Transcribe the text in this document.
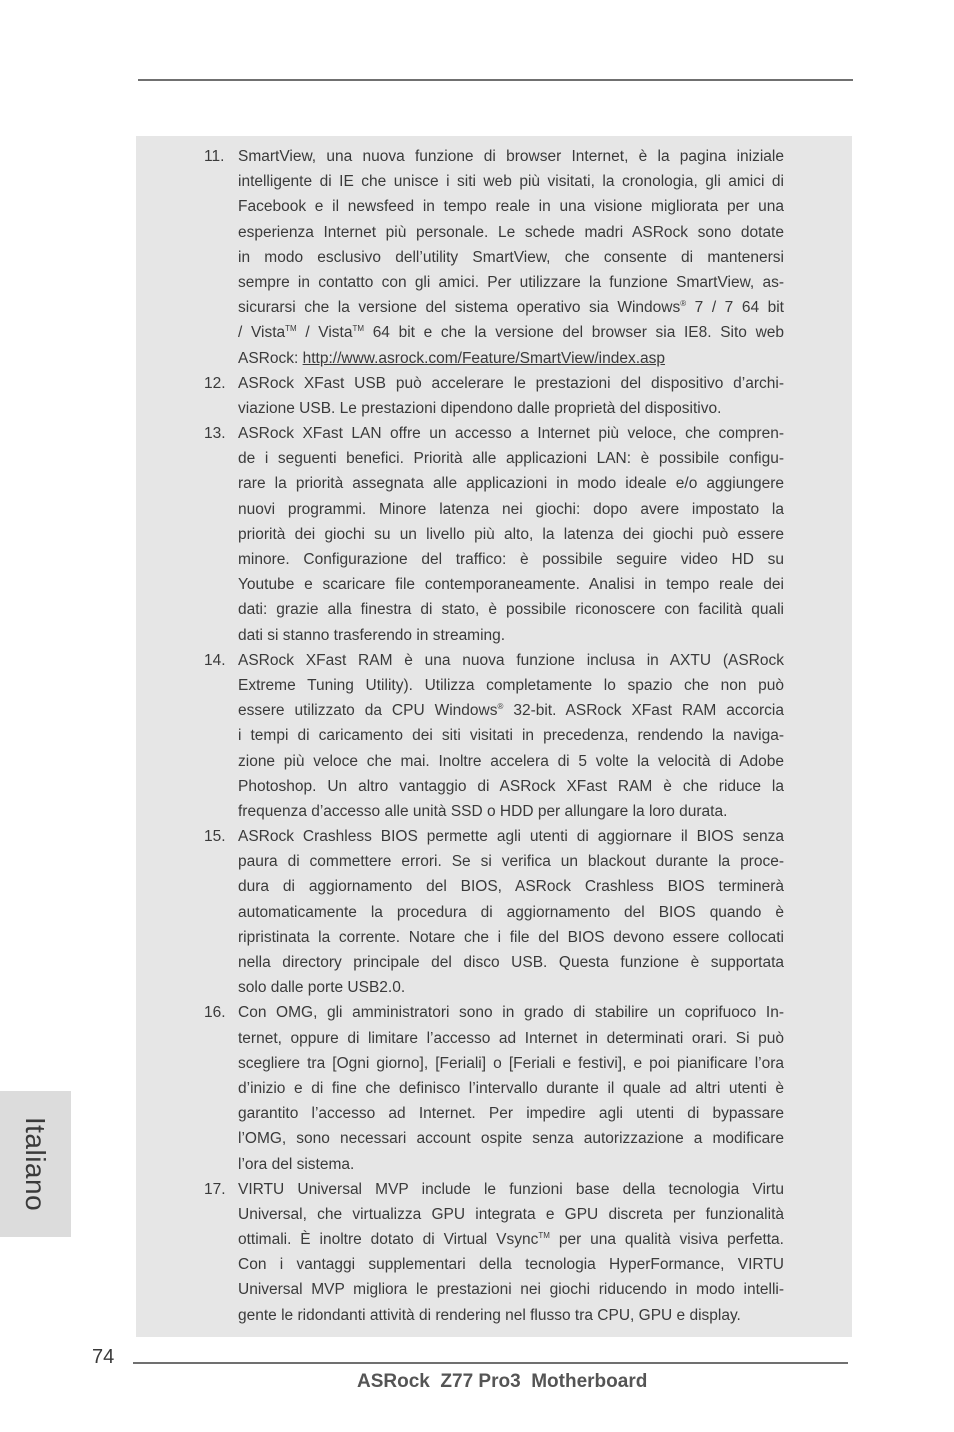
11. SmartView, una nuova funzione di browser Internet, è la pagina iniziale
intelligente di IE che unisce i siti web più visitati, la cronologia, gli amici di
Facebook e il newsfeed in tempo reale in una visione migliorata per una
esperienza Internet più personale. Le schede madri ASRock sono dotate
in modo esclusivo dell’utility SmartView, che consente di mantenersi
sempre in contatto con gli amici. Per utilizzare la funzione SmartView, as-
sicurarsi che la versione del sistema operativo sia Windows® 7 / 7 64 bit
/ Vista™ / Vista™ 64 bit e che la versione del browser sia IE8. Sito web
ASRock: http://www.asrock.com/Feature/SmartView/index.asp
12. ASRock XFast USB può accelerare le prestazioni del dispositivo d’archi-
viazione USB. Le prestazioni dipendono dalle proprietà del dispositivo.
13. ASRock XFast LAN offre un accesso a Internet più veloce, che compren-
de i seguenti benefici. Priorità alle applicazioni LAN: è possibile configu-
rare la priorità assegnata alle applicazioni in modo ideale e/o aggiungere
nuovi programmi. Minore latenza nei giochi: dopo avere impostato la
priorità dei giochi su un livello più alto, la latenza dei giochi può essere
minore. Configurazione del traffico: è possibile seguire video HD su
Youtube e scaricare file contemporaneamente. Analisi in tempo reale dei
dati: grazie alla finestra di stato, è possibile riconoscere con facilità quali
dati si stanno trasferendo in streaming.
14. ASRock XFast RAM è una nuova funzione inclusa in AXTU (ASRock
Extreme Tuning Utility). Utilizza completamente lo spazio che non può
essere utilizzato da CPU Windows® 32-bit. ASRock XFast RAM accorcia
i tempi di caricamento dei siti visitati in precedenza, rendendo la naviga-
zione più veloce che mai. Inoltre accelera di 5 volte la velocità di Adobe
Photoshop. Un altro vantaggio di ASRock XFast RAM è che riduce la
frequenza d’accesso alle unità SSD o HDD per allungare la loro durata.
15. ASRock Crashless BIOS permette agli utenti di aggiornare il BIOS senza
paura di commettere errori. Se si verifica un blackout durante la proce-
dura di aggiornamento del BIOS, ASRock Crashless BIOS terminerà
automaticamente la procedura di aggiornamento del BIOS quando è
ripristinata la corrente. Notare che i file del BIOS devono essere collocati
nella directory principale del disco USB. Questa funzione è supportata
solo dalle porte USB2.0.
16. Con OMG, gli amministratori sono in grado di stabilire un coprifuoco In-
ternet, oppure di limitare l’accesso ad Internet in determinati orari. Si può
scegliere tra [Ogni giorno], [Feriali] o [Feriali e festivi], e poi pianificare l’ora
d’inizio e di fine che definisco l’intervallo durante il quale ad altri utenti è
garantito l’accesso ad Internet. Per impedire agli utenti di bypassare
l’OMG, sono necessari account ospite senza autorizzazione a modificare
l’ora del sistema.
17. VIRTU Universal MVP include le funzioni base della tecnologia Virtu
Universal, che virtualizza GPU integrata e GPU discreta per funzionalità
ottimali. È inoltre dotato di Virtual Vsync™ per una qualità visiva perfetta.
Con i vantaggi supplementari della tecnologia HyperFormance, VIRTU
Universal MVP migliora le prestazioni nei giochi riducendo in modo intelli-
gente le ridondanti attività di rendering nel flusso tra CPU, GPU e display.
Italiano
74
ASRock  Z77 Pro3  Motherboard
